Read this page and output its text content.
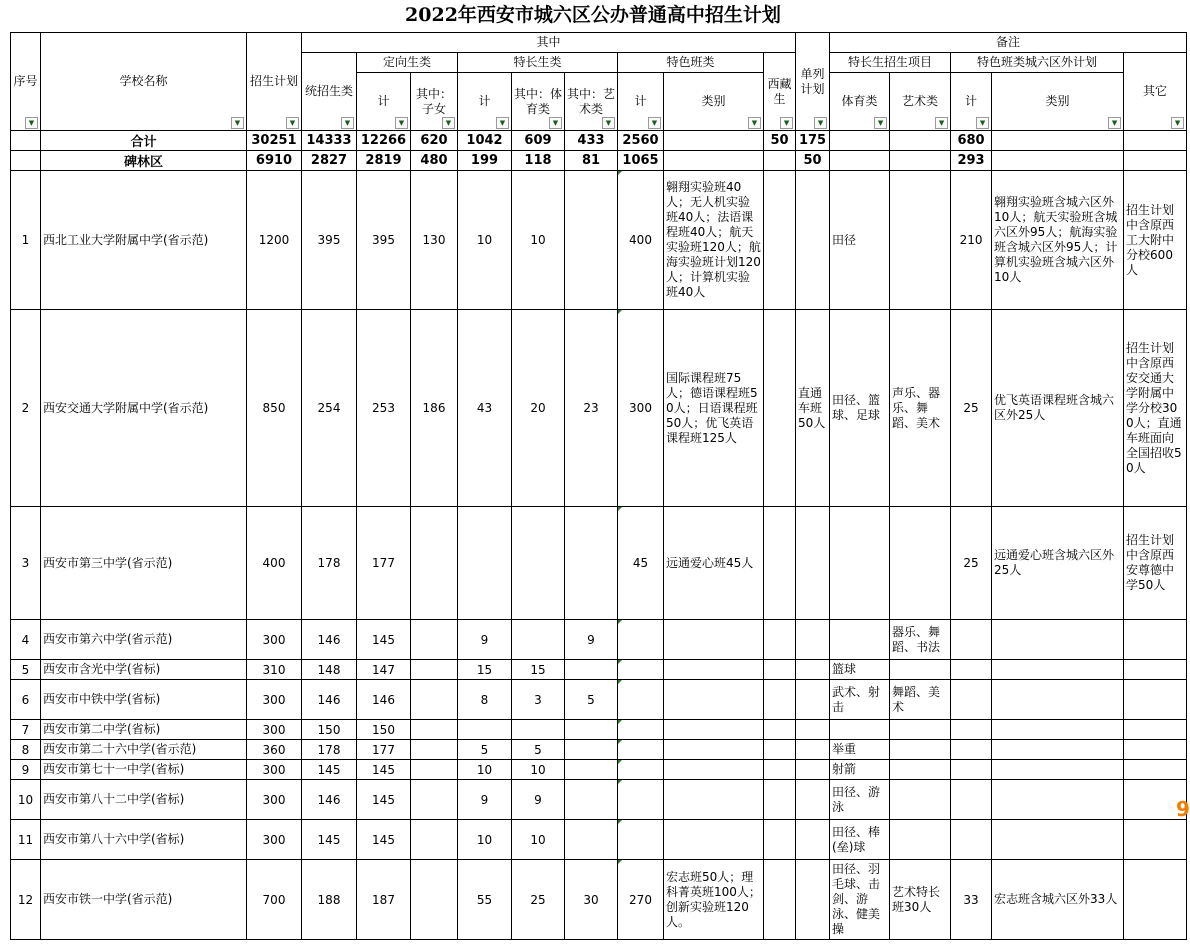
2022年西安市城六区公办普通高中招生计划
序号 ▼	学校名称 ▼	招生计划 ▼	其中									单列计划 ▼	备注				
			统招生类 ▼	定向生类		特长生类			特色班类		西藏生 ▼		特长生招生项目		特色班类城六区外计划		其它 ▼
				计 ▼	其中：子女 ▼	计 ▼	其中：体育类 ▼	其中：艺术类 ▼	计 ▼	类别 ▼			体育类 ▼	艺术类 ▼	计 ▼	类别 ▼
	合计	30251	14333	12266	620	1042	609	433	2560		50	175			680		
	碑林区	6910	2827	2819	480	199	118	81	1065			50			293		
1	西北工业大学附属中学(省示范)	1200	395	395	130	10	10		400	翱翔实验班40人；无人机实验班40人；法语课程班40人；航天实验班120人；航海实验班计划120人；计算机实验班40人			田径		210	翱翔实验班含城六区外10人；航天实验班含城六区外95人；航海实验班含城六区外95人；计算机实验班含城六区外10人	招生计划中含原西工大附中分校600人
2	西安交通大学附属中学(省示范)	850	254	253	186	43	20	23	300	国际课程班75人；德语课程班50人；日语课程班50人；优飞英语课程班125人		直通车班50人	田径、篮球、足球	声乐、器乐、舞蹈、美术	25	优飞英语课程班含城六区外25人	招生计划中含原西安交通大学附属中学分校300人；直通车班面向全国招收50人
3	西安市第三中学(省示范)	400	178	177					45	远通爱心班45人					25	远通爱心班含城六区外25人	招生计划中含原西安尊德中学50人
4	西安市第六中学(省示范)	300	146	145		9		9						器乐、舞蹈、书法			
5	西安市含光中学(省标)	310	148	147		15	15						篮球				
6	西安市中铁中学(省标)	300	146	146		8	3	5					武术、射击	舞蹈、美术			
7	西安市第二中学(省标)	300	150	150													
8	西安市第二十六中学(省示范)	360	178	177		5	5						举重				
9	西安市第七十一中学(省标)	300	145	145		10	10						射箭				
10	西安市第八十二中学(省标)	300	146	145		9	9						田径、游泳				
11	西安市第八十六中学(省标)	300	145	145		10	10						田径、棒(垒)球				
12	西安市铁一中学(省示范)	700	188	187		55	25	30	270	宏志班50人；理科菁英班100人；创新实验班120人。			田径、羽毛球、击剑、游泳、健美操	艺术特长班30人	33	宏志班含城六区外33人	
9
